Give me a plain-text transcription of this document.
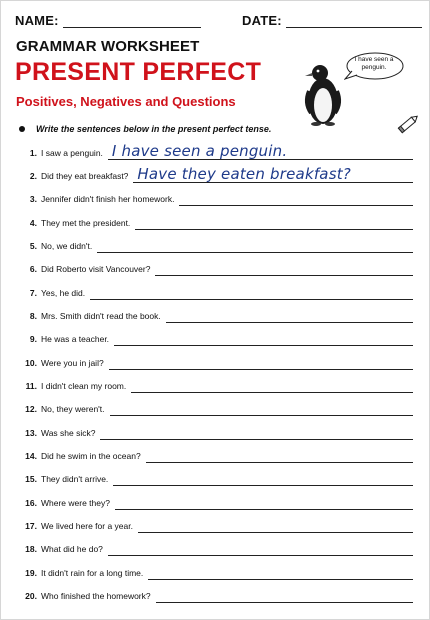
NAME:	DATE:
GRAMMAR WORKSHEET
PRESENT PERFECT
Positives, Negatives and Questions
I have seen a penguin.
Write the sentences below in the present perfect tense.
1. I saw a penguin. I have seen a penguin.
2. Did they eat breakfast? Have they eaten breakfast?
3. Jennifer didn't finish her homework.
4. They met the president.
5. No, we didn't.
6. Did Roberto visit Vancouver?
7. Yes, he did.
8. Mrs. Smith didn't read the book.
9. He was a teacher.
10. Were you in jail?
11. I didn't clean my room.
12. No, they weren't.
13. Was she sick?
14. Did he swim in the ocean?
15. They didn't arrive.
16. Where were they?
17. We lived here for a year.
18. What did he do?
19. It didn't rain for a long time.
20. Who finished the homework?
